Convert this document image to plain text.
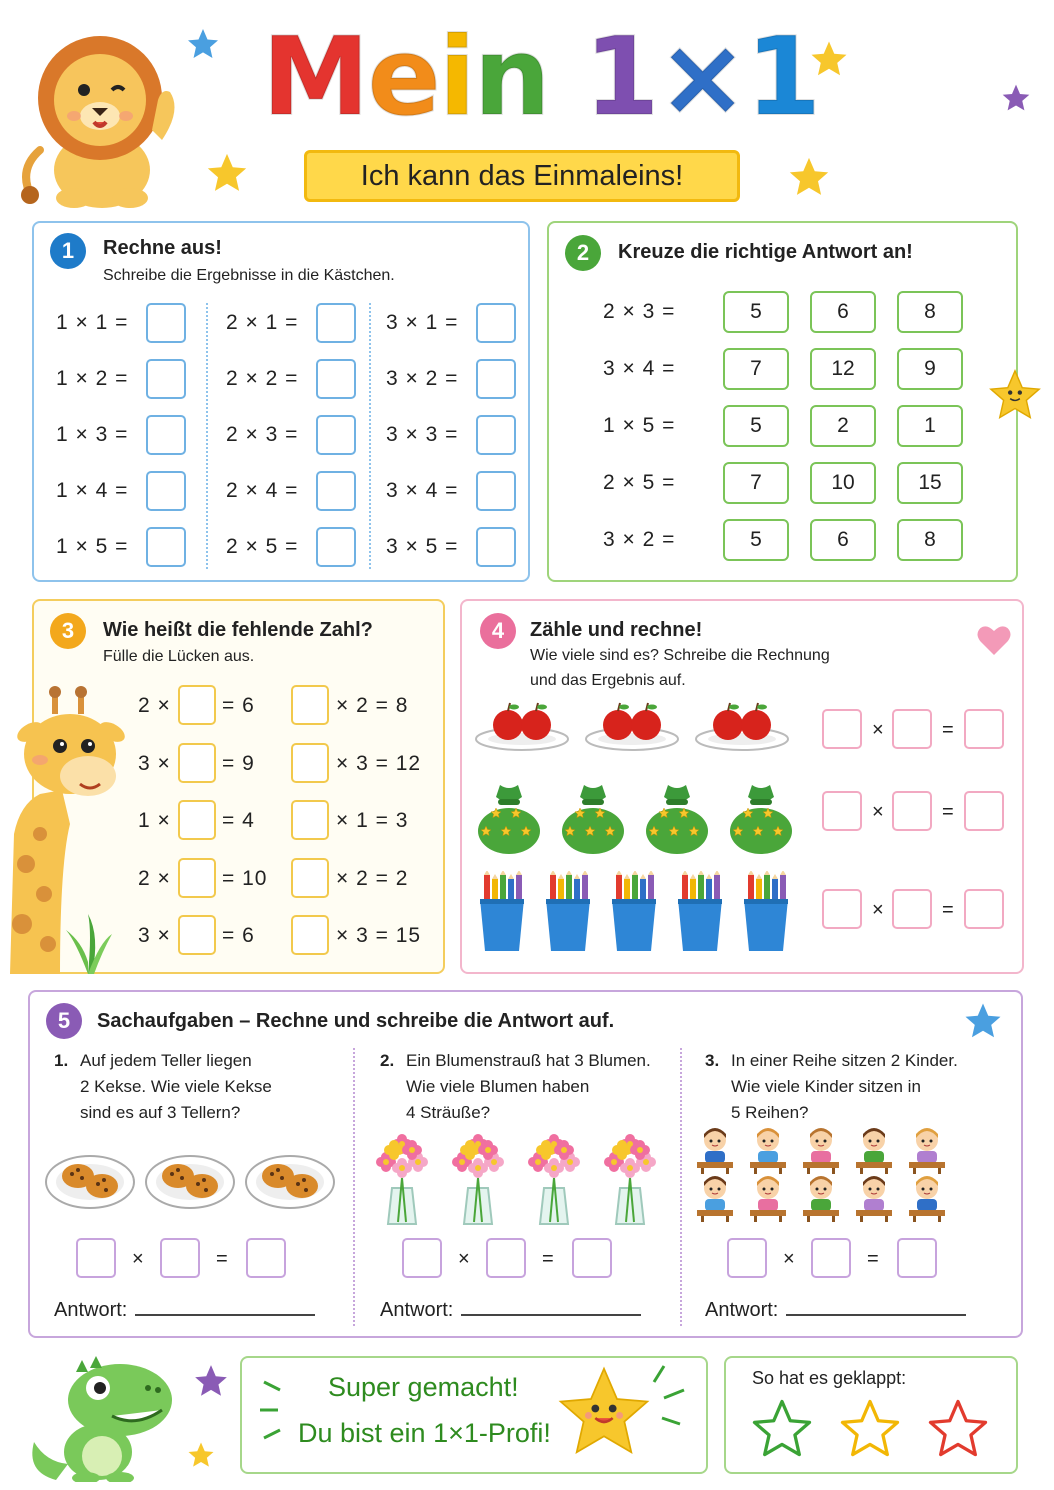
Mein 1×1
Ich kann das Einmaleins!
1	Rechne aus!
Schreibe die Ergebnisse in die Kästchen.
1 × 1 =
1 × 2 =
1 × 3 =
1 × 4 =
1 × 5 =
2 × 1 =
2 × 2 =
2 × 3 =
2 × 4 =
2 × 5 =
3 × 1 =
3 × 2 =
3 × 3 =
3 × 4 =
3 × 5 =
2	Kreuze die richtige Antwort an!
2 × 3 =	5	6	8
3 × 4 =	7	12	9
1 × 5 =	5	2	1
2 × 5 =	7	10	15
3 × 2 =	5	6	8
3	Wie heißt die fehlende Zahl?
Fülle die Lücken aus.
2 × = 6
3 × = 9
1 × = 4
2 × = 10
3 × = 6
× 2 = 8
× 3 = 12
× 1 = 3
× 2 = 2
× 3 = 15
4	Zähle und rechne!
Wie viele sind es? Schreibe die Rechnung
und das Ergebnis auf.
×	=
×	=
×	=
5	Sachaufgaben – Rechne und schreibe die Antwort auf.
1. Auf jedem Teller liegen
2 Kekse. Wie viele Kekse
sind es auf 3 Tellern?
×	=
Antwort:
2. Ein Blumenstrauß hat 3 Blumen.
Wie viele Blumen haben
4 Sträuße?
×	=
Antwort:
3. In einer Reihe sitzen 2 Kinder.
Wie viele Kinder sitzen in
5 Reihen?
×	=
Antwort:
Super gemacht!
Du bist ein 1×1-Profi!
So hat es geklappt:
